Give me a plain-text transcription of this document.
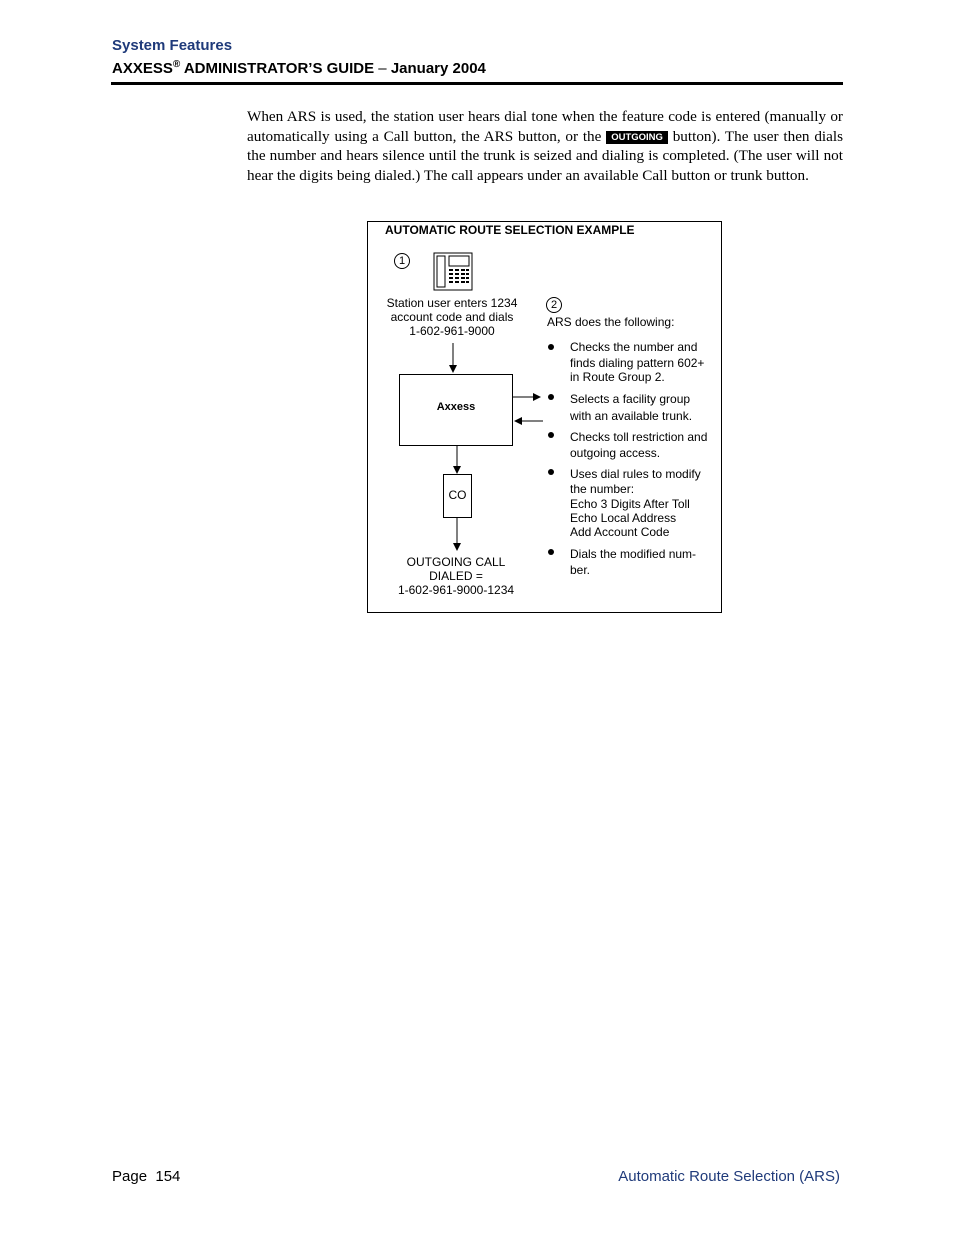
System Features
AXXESS® ADMINISTRATOR’S GUIDE – January 2004
When ARS is used, the station user hears dial tone when the feature code is entered (manually or automatically using a Call button, the ARS button, or the OUTGOING button). The user then dials the number and hears silence until the trunk is seized and dialing is completed. (The user will not hear the digits being dialed.) The call appears under an available Call button or trunk button.
AUTOMATIC ROUTE SELECTION EXAMPLE
1
Station user enters 1234
account code and dials
1-602-961-9000
Axxess
CO
OUTGOING CALL
DIALED =
1-602-961-9000-1234
2
ARS does the following:
Checks the number and
finds dialing pattern 602+
in Route Group 2.
Selects a facility group
with an available trunk.
Checks toll restriction and
outgoing access.
Uses dial rules to modify
the number:
Echo 3 Digits After Toll
Echo Local Address
Add Account Code
Dials the modified num-
ber.
Page  154	Automatic Route Selection (ARS)
